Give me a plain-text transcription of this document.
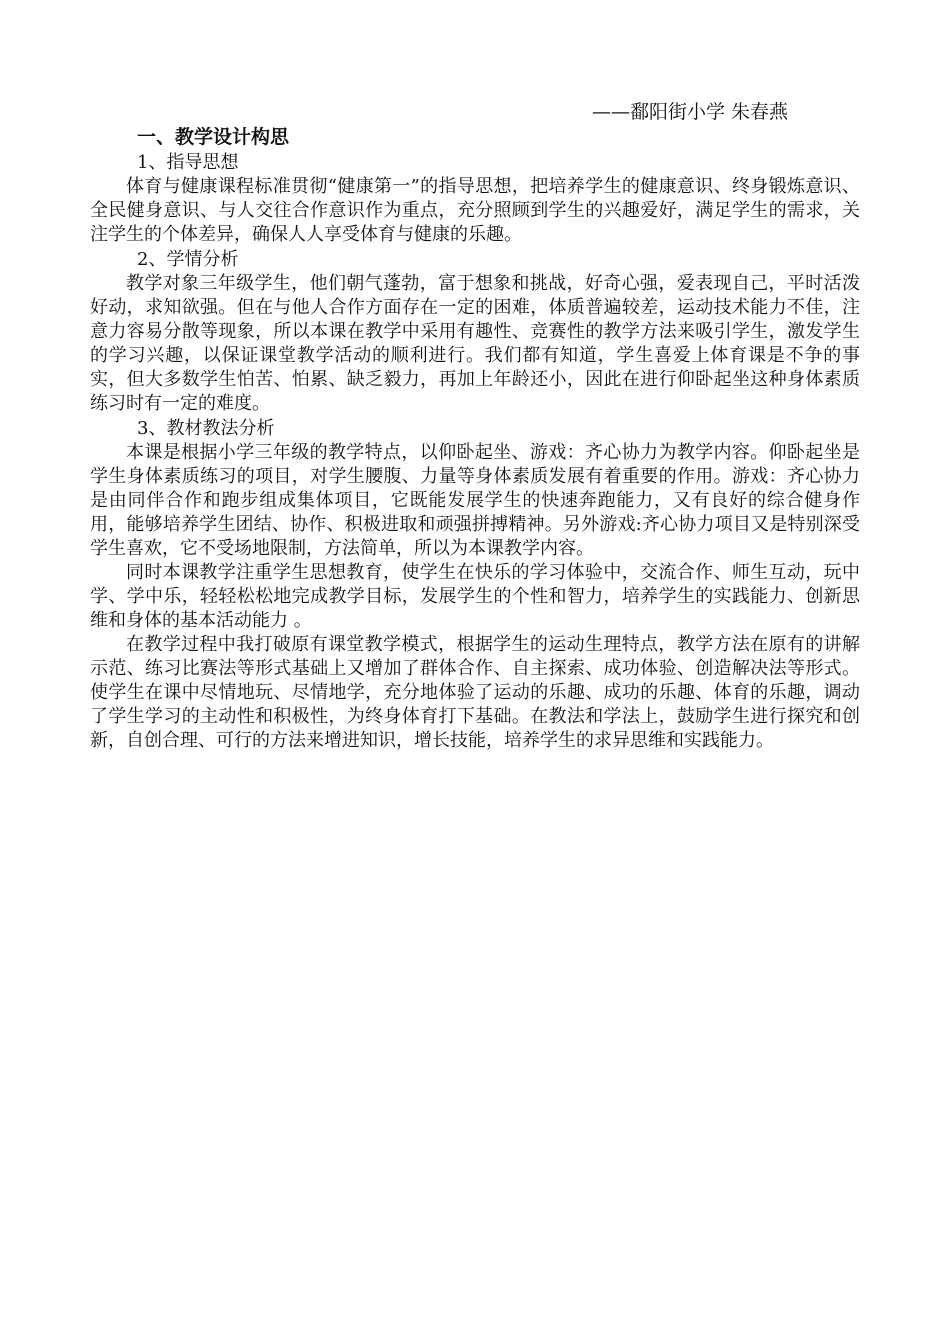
——鄱阳街小学 朱春燕
一、教学设计构思
1、指导思想

体育与健康课程标准贯彻“健康第一”的指导思想，把培养学生的健康意识、终身锻炼意识、全民健身意识、与人交往合作意识作为重点，充分照顾到学生的兴趣爱好，满足学生的需求，关注学生的个体差异，确保人人享受体育与健康的乐趣。

2、学情分析

教学对象三年级学生，他们朝气蓬勃，富于想象和挑战，好奇心强，爱表现自己，平时活泼好动，求知欲强。但在与他人合作方面存在一定的困难，体质普遍较差，运动技术能力不佳，注意力容易分散等现象，所以本课在教学中采用有趣性、竞赛性的教学方法来吸引学生，激发学生的学习兴趣，以保证课堂教学活动的顺利进行。我们都有知道，学生喜爱上体育课是不争的事实，但大多数学生怕苦、怕累、缺乏毅力，再加上年龄还小，因此在进行仰卧起坐这种身体素质练习时有一定的难度。

3、教材教法分析

本课是根据小学三年级的教学特点，以仰卧起坐、游戏：齐心协力为教学内容。仰卧起坐是学生身体素质练习的项目，对学生腰腹、力量等身体素质发展有着重要的作用。游戏：齐心协力是由同伴合作和跑步组成集体项目，它既能发展学生的快速奔跑能力，又有良好的综合健身作用，能够培养学生团结、协作、积极进取和顽强拼搏精神。另外游戏:齐心协力项目又是特别深受学生喜欢，它不受场地限制，方法简单，所以为本课教学内容。

同时本课教学注重学生思想教育，使学生在快乐的学习体验中，交流合作、师生互动，玩中学、学中乐，轻轻松松地完成教学目标，发展学生的个性和智力，培养学生的实践能力、创新思维和身体的基本活动能力 。

在教学过程中我打破原有课堂教学模式，根据学生的运动生理特点，教学方法在原有的讲解示范、练习比赛法等形式基础上又增加了群体合作、自主探索、成功体验、创造解决法等形式。使学生在课中尽情地玩、尽情地学，充分地体验了运动的乐趣、成功的乐趣、体育的乐趣，调动了学生学习的主动性和积极性，为终身体育打下基础。在教法和学法上，鼓励学生进行探究和创新，自创合理、可行的方法来增进知识，增长技能，培养学生的求异思维和实践能力。
